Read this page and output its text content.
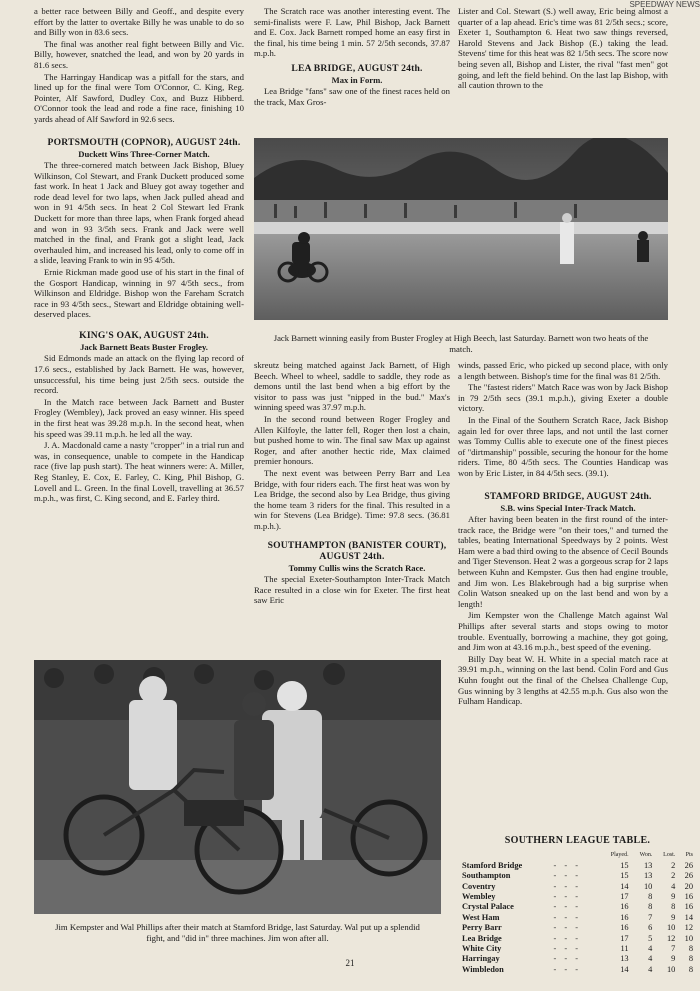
SPEEDWAY NEWS

a better race between Billy and Geoff., and despite every effort by the latter to overtake Billy he was unable to do so and Billy won in 83.6 secs.

The final was another real fight between Billy and Vic. Billy, however, snatched the lead, and won by 20 yards in 81.6 secs.

The Harringay Handicap was a pitfall for the stars, and lined up for the final were Tom O'Connor, C. King, Reg. Pointer, Alf Sawford, Dudley Cox, and Buzz Hibberd. O'Connor took the lead and rode a fine race, finishing 10 yards ahead of Alf Sawford in 92.6 secs.

PORTSMOUTH (COPNOR), AUGUST 24th.

Duckett Wins Three-Corner Match.

The three-cornered match between Jack Bishop, Bluey Wilkinson, Col Stewart, and Frank Duckett produced some fast work. In heat 1 Jack and Bluey got away together and rode dead level for two laps, when Jack pulled ahead and won in 91 4/5th secs. In heat 2 Col Stewart led Frank Duckett for more than three laps, when Frank forged ahead and won in 93 3/5th secs. Frank and Jack were well matched in the final, and Frank got a slight lead, Jack overhauled him, and increased his lead, only to come off in a slide, leaving Frank to win in 95 4/5th.

Ernie Rickman made good use of his start in the final of the Gosport Handicap, winning in 97 4/5th secs., from Wilkinson and Eldridge. Bishop won the Fareham Scratch race in 93 4/5th secs., Stewart and Eldridge obtaining well-deserved places.

KING'S OAK, AUGUST 24th.

Jack Barnett Beats Buster Frogley.

Sid Edmonds made an attack on the flying lap record of 17.6 secs., established by Jack Barnett. He was, however, unsuccessful, his time being just 2/5th secs. outside the record.

In the Match race between Jack Barnett and Buster Frogley (Wembley), Jack proved an easy winner. His speed in the first heat was 39.28 m.p.h. In the second heat, when his speed was 39.11 m.p.h. he led all the way.

J. A. Macdonald came a nasty "cropper" in a trial run and was, in consequence, unable to compete in the Handicap race (five lap push start). The heat winners were: A. Miller, Reg Stanley, E. Cox, E. Farley, C. King, Phil Bishop, G. Lovell and L. Green. In the final Lovell, travelling at 36.57 m.p.h., was first, C. King second, and E. Farley third.

The Scratch race was another interesting event. The semi-finalists were F. Law, Phil Bishop, Jack Barnett and E. Cox. Jack Barnett romped home an easy first in the final, his time being 1 min. 57 2/5th seconds, 37.87 m.p.h.

LEA BRIDGE, AUGUST 24th.

Max in Form.

Lea Bridge "fans" saw one of the finest races held on the track, Max Gros-

Lister and Col. Stewart (S.) well away, Eric being almost a quarter of a lap ahead. Eric's time was 81 2/5th secs.; score, Exeter 1, Southampton 6. Heat two saw things reversed, Harold Stevens and Jack Bishop (E.) taking the lead. Stevens' time for this heat was 82 1/5th secs. The score now being seven all, Bishop and Lister, the rival "fast men" got going, and left the field behind. On the last lap Bishop, with all caution thrown to the

Jack Barnett winning easily from Buster Frogley at High Beech, last Saturday. Barnett won two heats of the match.

skreutz being matched against Jack Barnett, of High Beech. Wheel to wheel, saddle to saddle, they rode as demons until the last bend when a big effort by the visitor to pass was just "nipped in the bud." Max's winning speed was 37.97 m.p.h.

In the second round between Roger Frogley and Allen Kilfoyle, the latter fell, Roger then lost a chain, but pushed home to win. The final saw Max up against Roger, and after another hectic ride, Max claimed premier honours.

The next event was between Perry Barr and Lea Bridge, with four riders each. The first heat was won by Lea Bridge, the second also by Lea Bridge, thus giving the home team 3 riders for the final. This resulted in a win for Stevens (Lea Bridge). Time: 97.8 secs. (36.81 m.p.h.).

SOUTHAMPTON (BANISTER COURT), AUGUST 24th.

Tommy Cullis wins the Scratch Race.

The special Exeter-Southampton Inter-Track Match Race resulted in a close win for Exeter. The first heat saw Eric

winds, passed Eric, who picked up second place, with only a length between. Bishop's time for the final was 81 2/5th.

The "fastest riders" Match Race was won by Jack Bishop in 79 2/5th secs (39.1 m.p.h.), giving Exeter a double victory.

In the Final of the Southern Scratch Race, Jack Bishop again led for over three laps, and not until the last corner was Tommy Cullis able to execute one of the finest pieces of "dirtmanship" possible, securing the honour for the home riders. Time, 80 4/5th secs. The Counties Handicap was won by Eric Lister, in 84 4/5th secs. (39.1).

STAMFORD BRIDGE, AUGUST 24th.

S.B. wins Special Inter-Track Match.

After having been beaten in the first round of the inter-track race, the Bridge were "on their toes," and turned the tables, beating International Speedways by 2 points. West Ham were a bad third owing to the absence of Cecil Bounds and Tiger Stevenson. Heat 2 was a gorgeous scrap for 2 laps between Kuhn and Kempster. Gus then had engine trouble, and Jim won. Les Blakebrough had a big surprise when Colin Watson sneaked up on the last bend and won by a length!

Jim Kempster won the Challenge Match against Wal Phillips after several starts and stops owing to motor trouble. Eventually, borrowing a machine, they got going, and Jim won at 43.16 m.p.h., best speed of the evening.

Billy Day beat W. H. White in a special match race at 39.91 m.p.h., winning on the last bend. Colin Ford and Gus Kuhn fought out the final of the Chelsea Challenge Cup, Gus winning by 3 lengths at 42.55 m.p.h. Gus also won the Fulham Handicap.

Jim Kempster and Wal Phillips after their match at Stamford Bridge, last Saturday. Wal put up a splendid fight, and "did in" three machines. Jim won after all.
SOUTHERN LEAGUE TABLE.
		Played.	Won.	Lost.	Pts
Stamford Bridge	- - -	15	13	2	26
Southampton	- - -	15	13	2	26
Coventry	- - -	14	10	4	20
Wembley	- - -	17	8	9	16
Crystal Palace	- - -	16	8	8	16
West Ham	- - -	16	7	9	14
Perry Barr	- - -	16	6	10	12
Lea Bridge	- - -	17	5	12	10
White City	- - -	11	4	7	8
Harringay	- - -	13	4	9	8
Wimbledon	- - -	14	4	10	8
21
